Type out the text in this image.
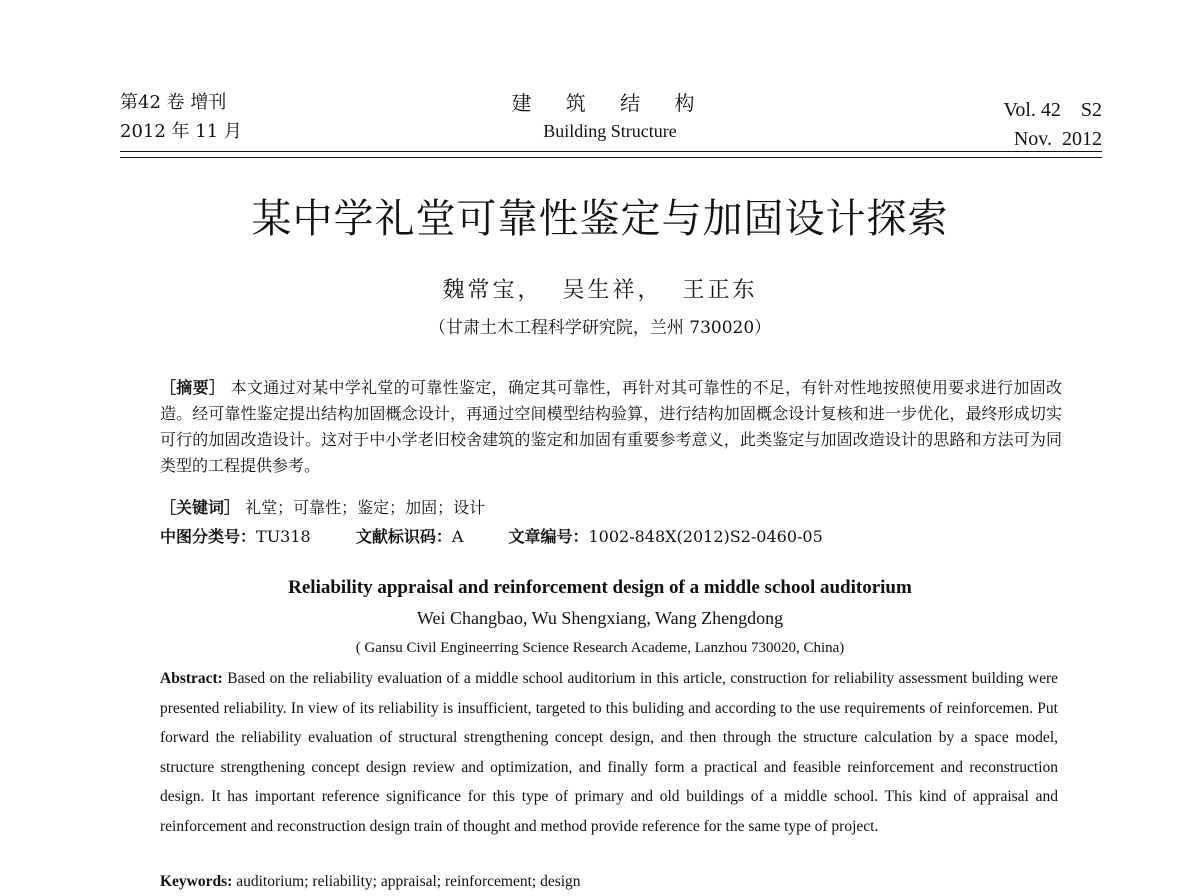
第42 卷 增刊
2012 年 11 月
建 筑 结 构
Building Structure
Vol. 42    S2
Nov.  2012
某中学礼堂可靠性鉴定与加固设计探索
魏常宝，  吴生祥，  王正东
（甘肃土木工程科学研究院，兰州 730020）
［摘要］ 本文通过对某中学礼堂的可靠性鉴定，确定其可靠性，再针对其可靠性的不足，有针对性地按照使用要求进行加固改造。经可靠性鉴定提出结构加固概念设计，再通过空间模型结构验算，进行结构加固概念设计复核和进一步优化，最终形成切实可行的加固改造设计。这对于中小学老旧校舍建筑的鉴定和加固有重要参考意义，此类鉴定与加固改造设计的思路和方法可为同类型的工程提供参考。
［关键词］ 礼堂；可靠性；鉴定；加固；设计
中图分类号：TU318	文献标识码：A	文章编号：1002-848X(2012)S2-0460-05
Reliability appraisal and reinforcement design of a middle school auditorium
Wei Changbao, Wu Shengxiang, Wang Zhengdong
( Gansu Civil Engineerring Science Research Academe, Lanzhou 730020, China)
Abstract: Based on the reliability evaluation of a middle school auditorium in this article, construction for reliability assessment building were presented reliability. In view of its reliability is insufficient, targeted to this buliding and according to the use requirements of reinforcemen. Put forward the reliability evaluation of structural strengthening concept design, and then through the structure calculation by a space model, structure strengthening concept design review and optimization, and finally form a practical and feasible reinforcement and reconstruction design. It has important reference significance for this type of primary and old buildings of a middle school. This kind of appraisal and reinforcement and reconstruction design train of thought and method provide reference for the same type of project.
Keywords: auditorium; reliability; appraisal; reinforcement; design
